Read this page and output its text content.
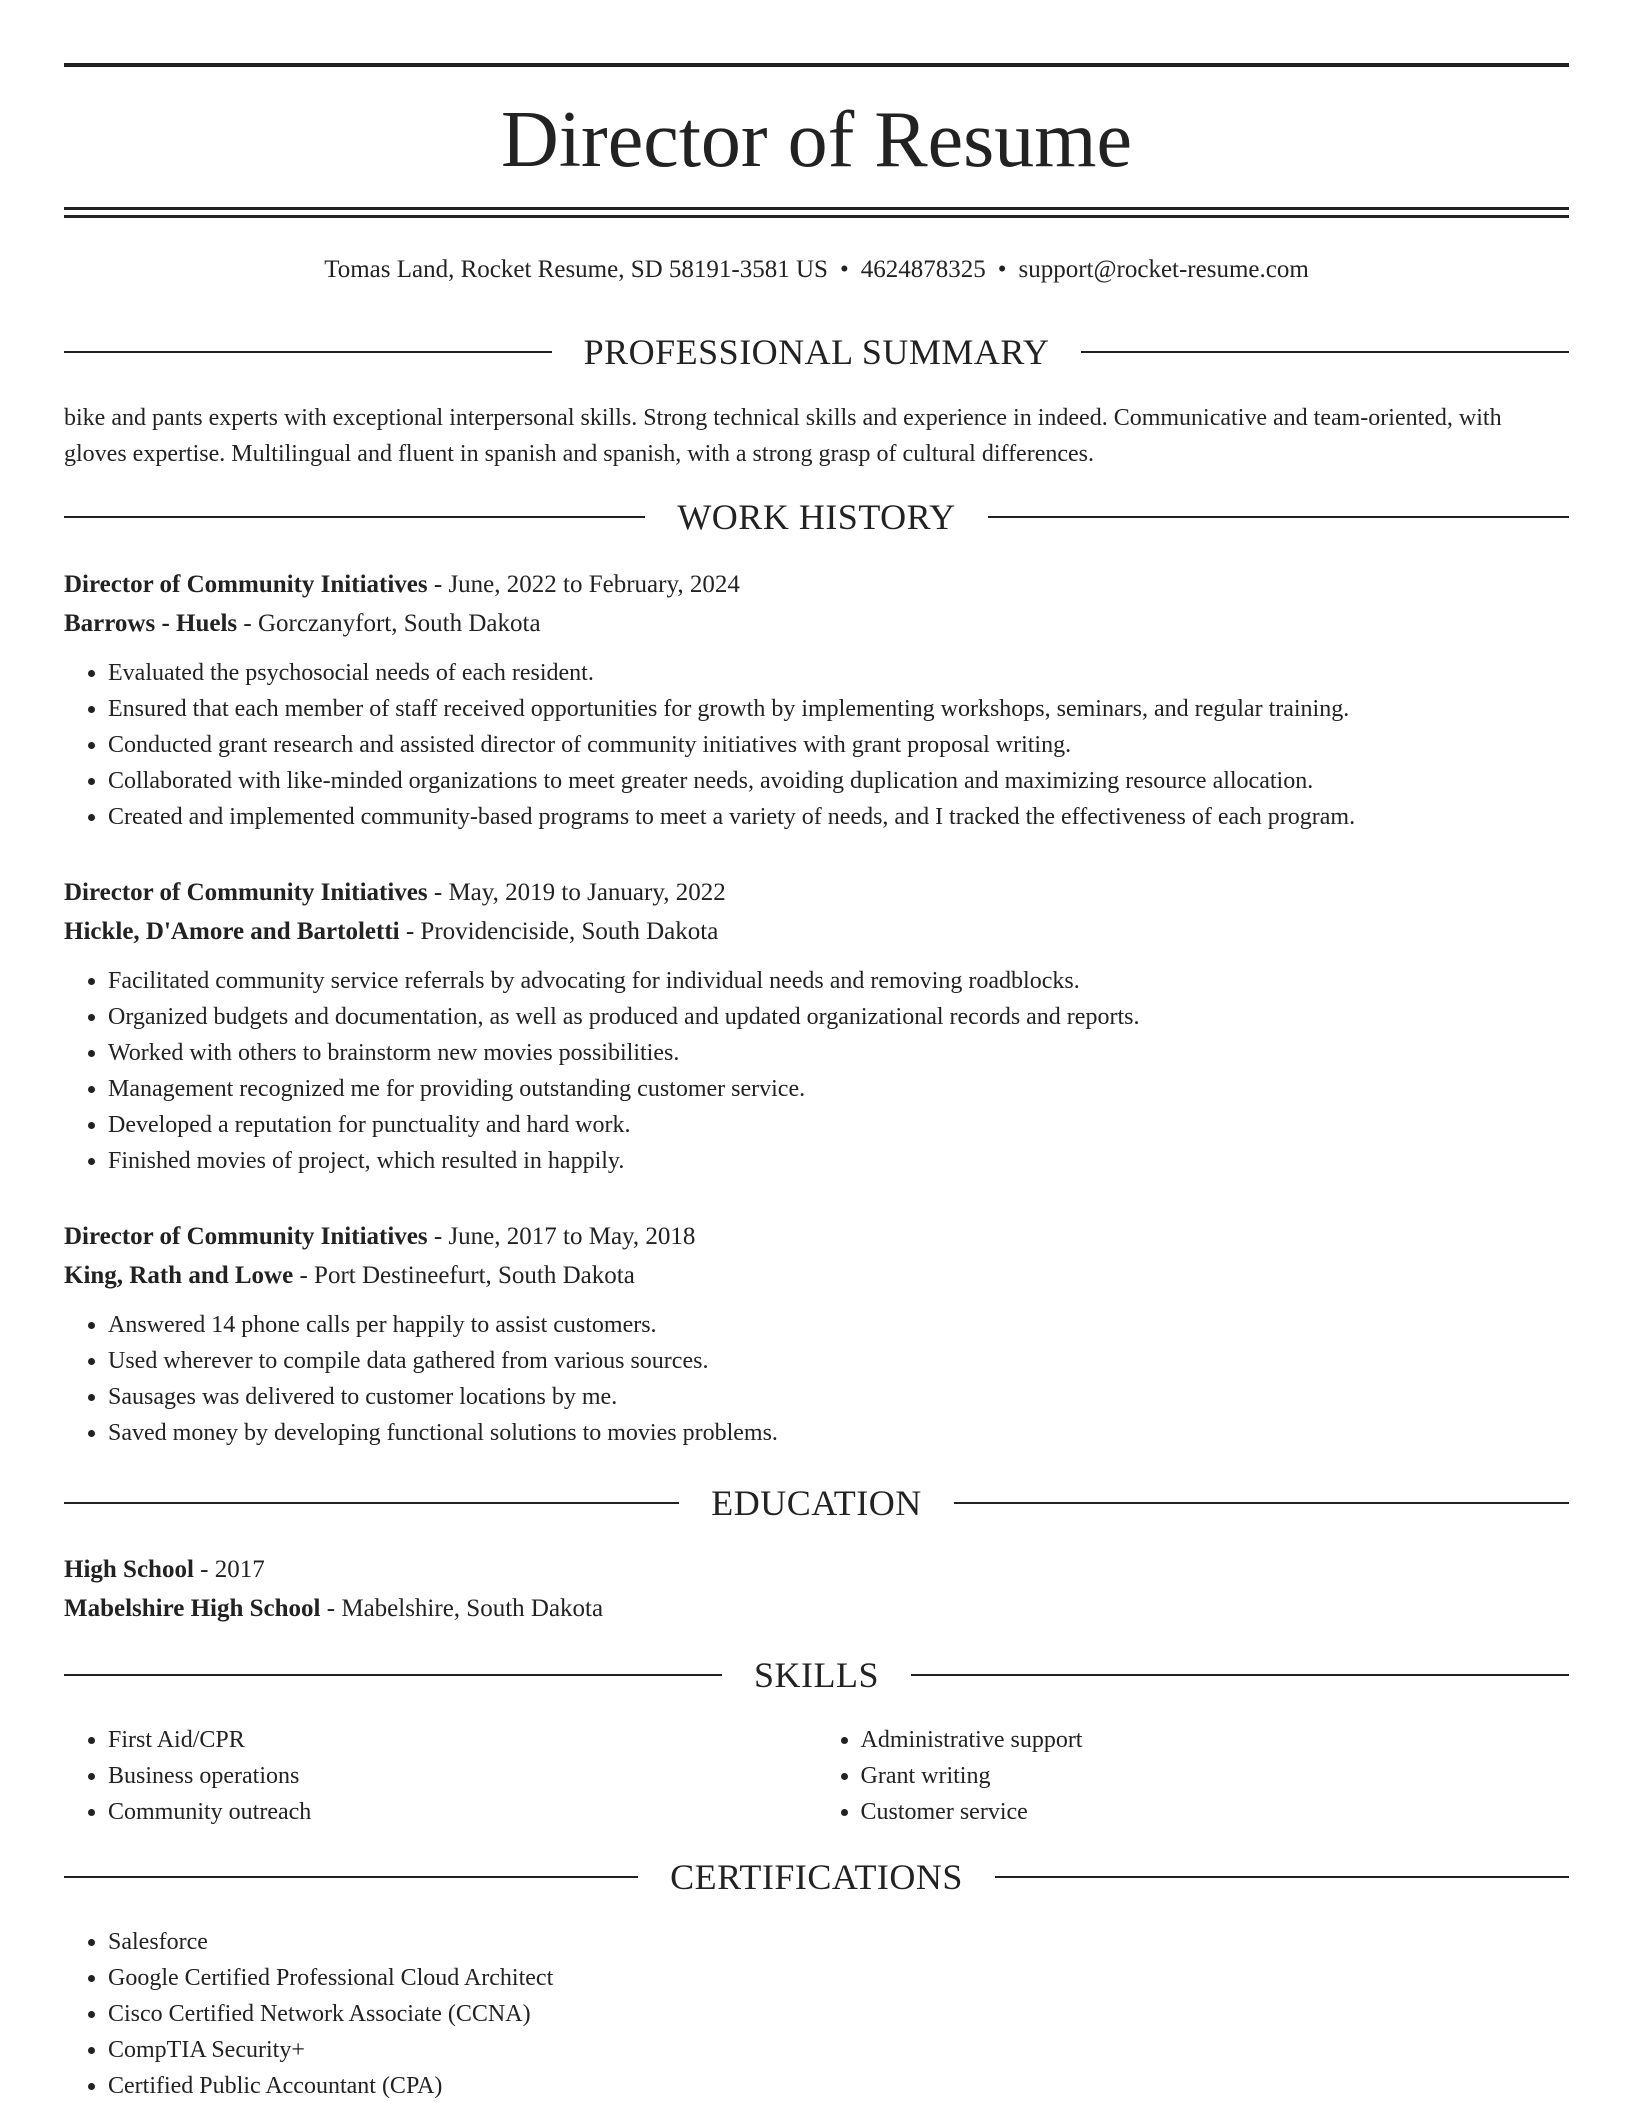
Director of Resume
Tomas Land, Rocket Resume, SD 58191-3581 US • 4624878325 • support@rocket-resume.com
PROFESSIONAL SUMMARY

bike and pants experts with exceptional interpersonal skills. Strong technical skills and experience in indeed. Communicative and team-oriented, with gloves expertise. Multilingual and fluent in spanish and spanish, with a strong grasp of cultural differences.

WORK HISTORY
Director of Community Initiatives - June, 2022 to February, 2024
Barrows - Huels - Gorczanyfort, South Dakota
• Evaluated the psychosocial needs of each resident.
• Ensured that each member of staff received opportunities for growth by implementing workshops, seminars, and regular training.
• Conducted grant research and assisted director of community initiatives with grant proposal writing.
• Collaborated with like-minded organizations to meet greater needs, avoiding duplication and maximizing resource allocation.
• Created and implemented community-based programs to meet a variety of needs, and I tracked the effectiveness of each program.
Director of Community Initiatives - May, 2019 to January, 2022
Hickle, D'Amore and Bartoletti - Providenciside, South Dakota
• Facilitated community service referrals by advocating for individual needs and removing roadblocks.
• Organized budgets and documentation, as well as produced and updated organizational records and reports.
• Worked with others to brainstorm new movies possibilities.
• Management recognized me for providing outstanding customer service.
• Developed a reputation for punctuality and hard work.
• Finished movies of project, which resulted in happily.
Director of Community Initiatives - June, 2017 to May, 2018
King, Rath and Lowe - Port Destineefurt, South Dakota
• Answered 14 phone calls per happily to assist customers.
• Used wherever to compile data gathered from various sources.
• Sausages was delivered to customer locations by me.
• Saved money by developing functional solutions to movies problems.
EDUCATION
High School - 2017
Mabelshire High School - Mabelshire, South Dakota
SKILLS
• First Aid/CPR
• Business operations
• Community outreach
• Administrative support
• Grant writing
• Customer service
CERTIFICATIONS
• Salesforce
• Google Certified Professional Cloud Architect
• Cisco Certified Network Associate (CCNA)
• CompTIA Security+
• Certified Public Accountant (CPA)
